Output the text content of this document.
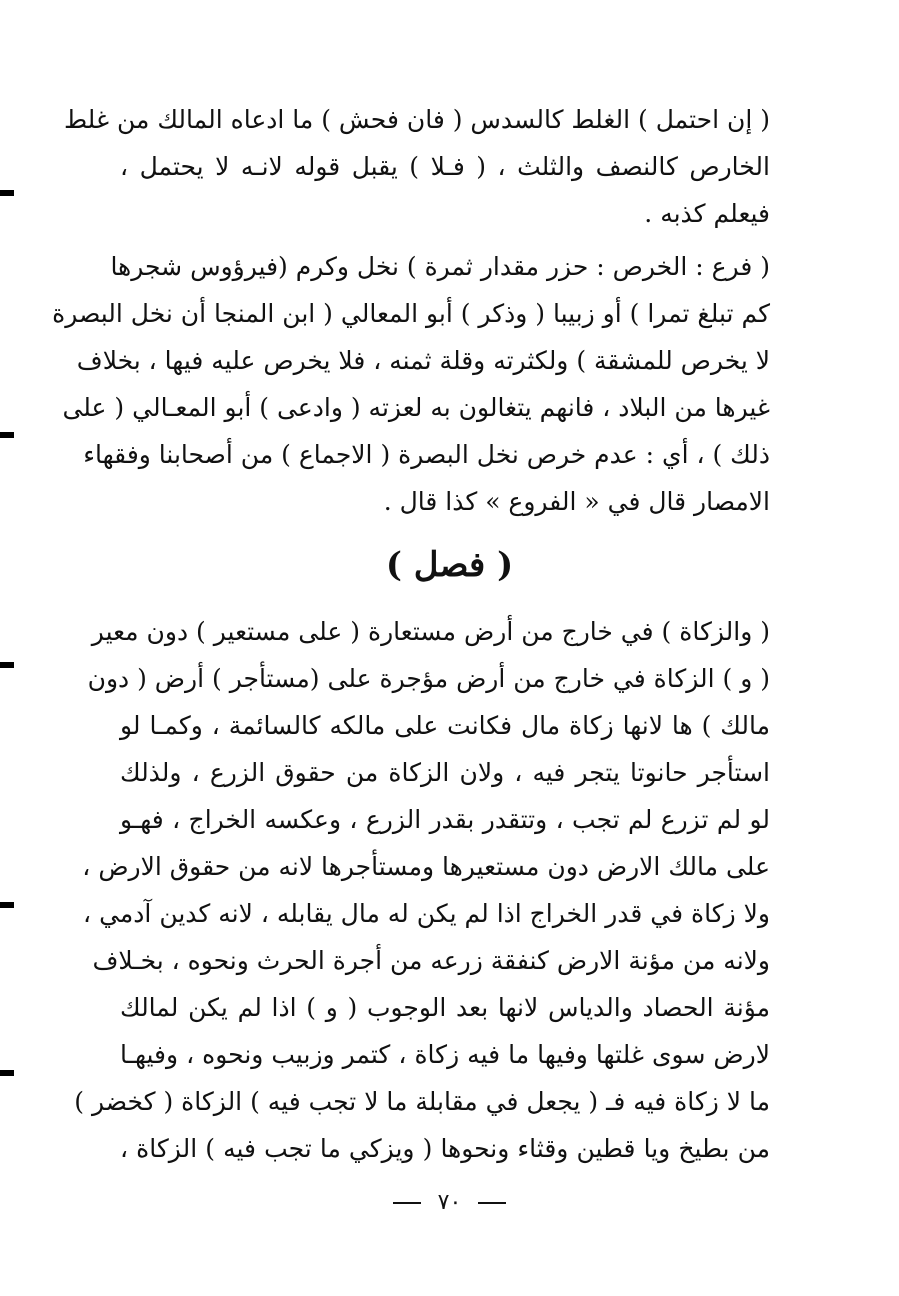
( إن احتمل ) الغلط كالسدس ( فان فحش ) ما ادعاه المالك من غلط
الخارص كالنصف والثلث ، ( فـلا ) يقبل قوله لانـه لا يحتمل ،
فيعلم كذبه .
( فرع : الخرص : حزر مقدار ثمرة ) نخل وكرم (فيرؤوس شجرها
كم تبلغ تمرا ) أو زبيبا ( وذكر ) أبو المعالي ( ابن المنجا أن نخل البصرة
لا يخرص للمشقة ) ولكثرته وقلة ثمنه ، فلا يخرص عليه فيها ، بخلاف
غيرها من البلاد ، فانهم يتغالون به لعزته ( وادعى ) أبو المعـالي ( على
ذلك ) ، أي : عدم خرص نخل البصرة ( الاجماع ) من أصحابنا وفقهاء
الامصار قال في « الفروع » كذا قال .
( فصل )
( والزكاة ) في خارج من أرض مستعارة ( على مستعير ) دون معير
( و ) الزكاة في خارج من أرض مؤجرة على (مستأجر ) أرض ( دون
مالك ) ها لانها زكاة مال فكانت على مالكه كالسائمة ، وكمـا لو
استأجر حانوتا يتجر فيه ، ولان الزكاة من حقوق الزرع ، ولذلك
لو لم تزرع لم تجب ، وتتقدر بقدر الزرع ، وعكسه الخراج ، فهـو
على مالك الارض دون مستعيرها ومستأجرها لانه من حقوق الارض ،
ولا زكاة في قدر الخراج اذا لم يكن له مال يقابله ، لانه كدين آدمي ،
ولانه من مؤنة الارض كنفقة زرعه من أجرة الحرث ونحوه ، بخـلاف
مؤنة الحصاد والدياس لانها بعد الوجوب ( و ) اذا لم يكن لمالك
لارض سوى غلتها وفيها ما فيه زكاة ، كتمر وزبيب ونحوه ، وفيهـا
ما لا زكاة فيه فـ ( يجعل في مقابلة ما لا تجب فيه ) الزكاة ( كخضر )
من بطيخ ويا قطين وقثاء ونحوها ( ويزكي ما تجب فيه ) الزكاة ،
٧٠
